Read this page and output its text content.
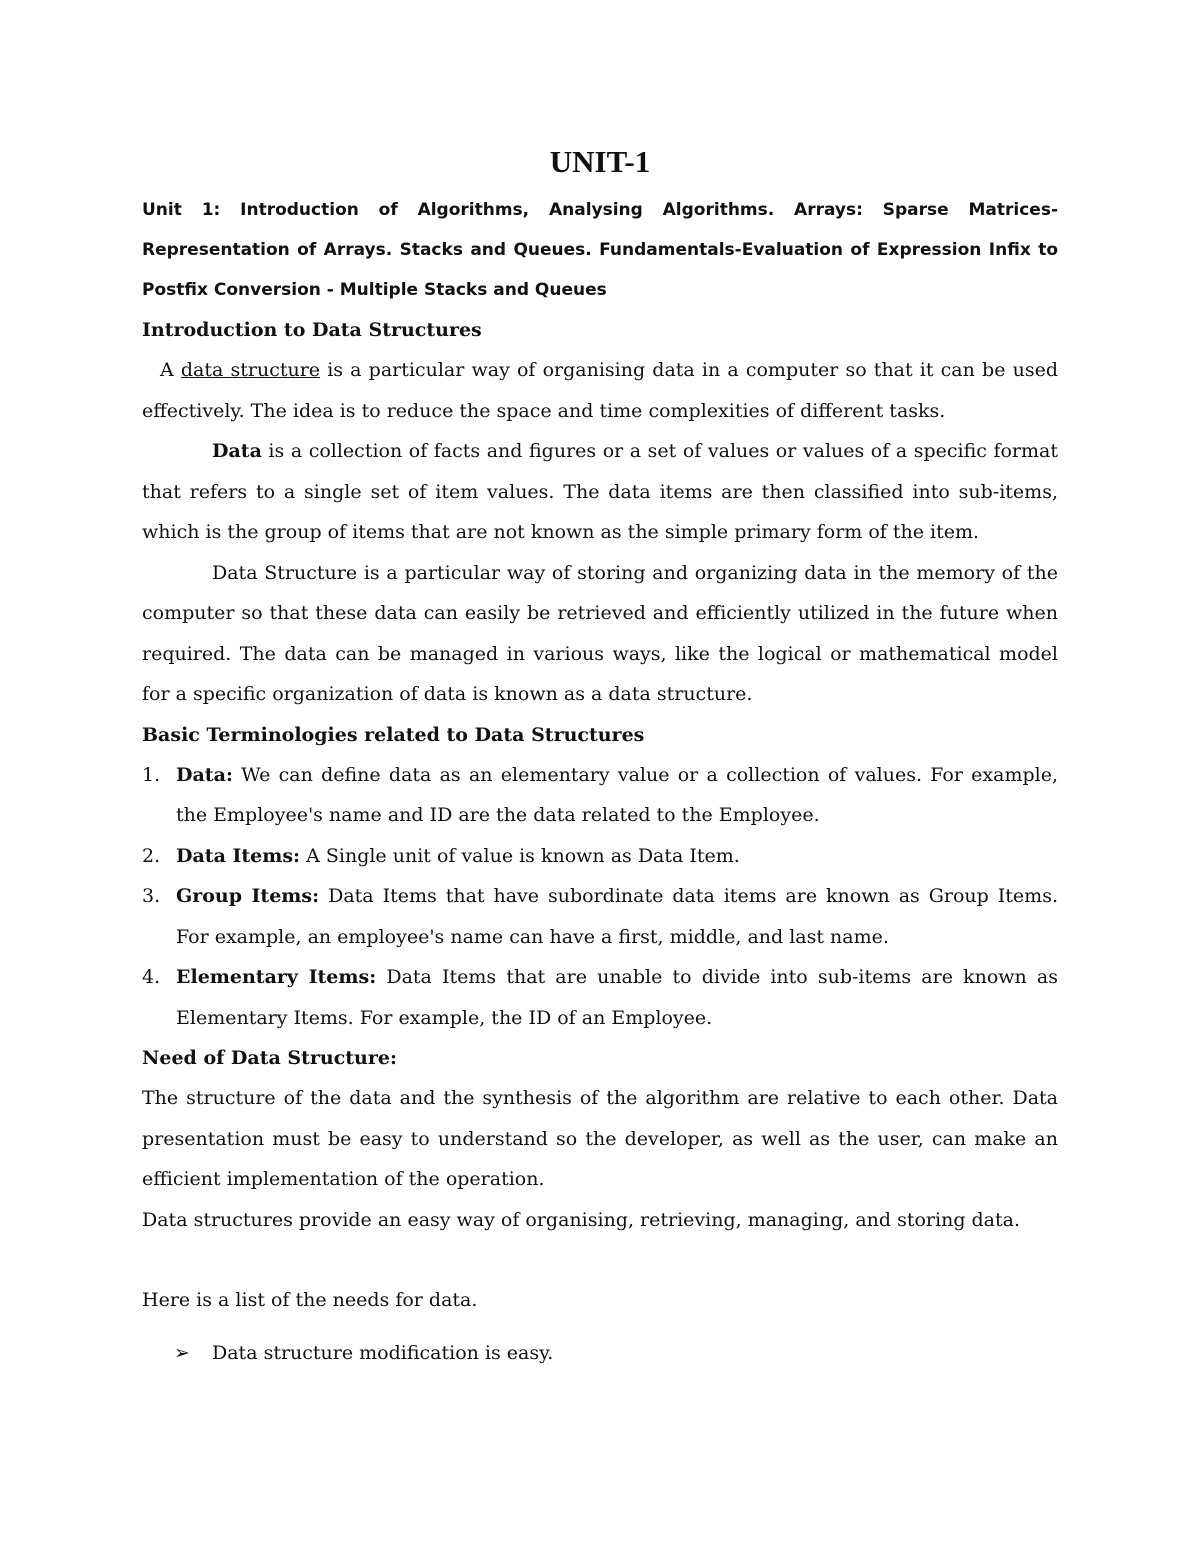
UNIT-1

Unit 1: Introduction of Algorithms, Analysing Algorithms. Arrays: Sparse Matrices-Representation of Arrays. Stacks and Queues. Fundamentals-Evaluation of Expression Infix to Postfix Conversion - Multiple Stacks and Queues

Introduction to Data Structures

A data structure is a particular way of organising data in a computer so that it can be used effectively. The idea is to reduce the space and time complexities of different tasks.

Data is a collection of facts and figures or a set of values or values of a specific format that refers to a single set of item values. The data items are then classified into sub-items, which is the group of items that are not known as the simple primary form of the item.

Data Structure is a particular way of storing and organizing data in the memory of the computer so that these data can easily be retrieved and efficiently utilized in the future when required. The data can be managed in various ways, like the logical or mathematical model for a specific organization of data is known as a data structure.

Basic Terminologies related to Data Structures
1. Data: We can define data as an elementary value or a collection of values. For example, the Employee's name and ID are the data related to the Employee.
2. Data Items: A Single unit of value is known as Data Item.
3. Group Items: Data Items that have subordinate data items are known as Group Items. For example, an employee's name can have a first, middle, and last name.
4. Elementary Items: Data Items that are unable to divide into sub-items are known as Elementary Items. For example, the ID of an Employee.
Need of Data Structure:

The structure of the data and the synthesis of the algorithm are relative to each other. Data presentation must be easy to understand so the developer, as well as the user, can make an efficient implementation of the operation.

Data structures provide an easy way of organising, retrieving, managing, and storing data.

Here is a list of the needs for data.

➢ Data structure modification is easy.
